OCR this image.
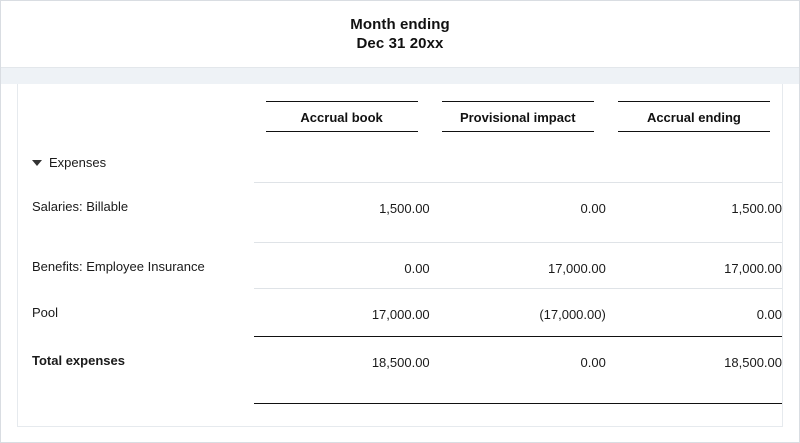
Month ending
Dec 31 20xx

Accrual book	Provisional impact	Accrual ending

Expenses			

Salaries: Billable	1,500.00	0.00	1,500.00

Benefits: Employee Insurance	0.00	17,000.00	17,000.00

Pool	17,000.00	(17,000.00)	0.00

Total expenses	18,500.00	0.00	18,500.00
